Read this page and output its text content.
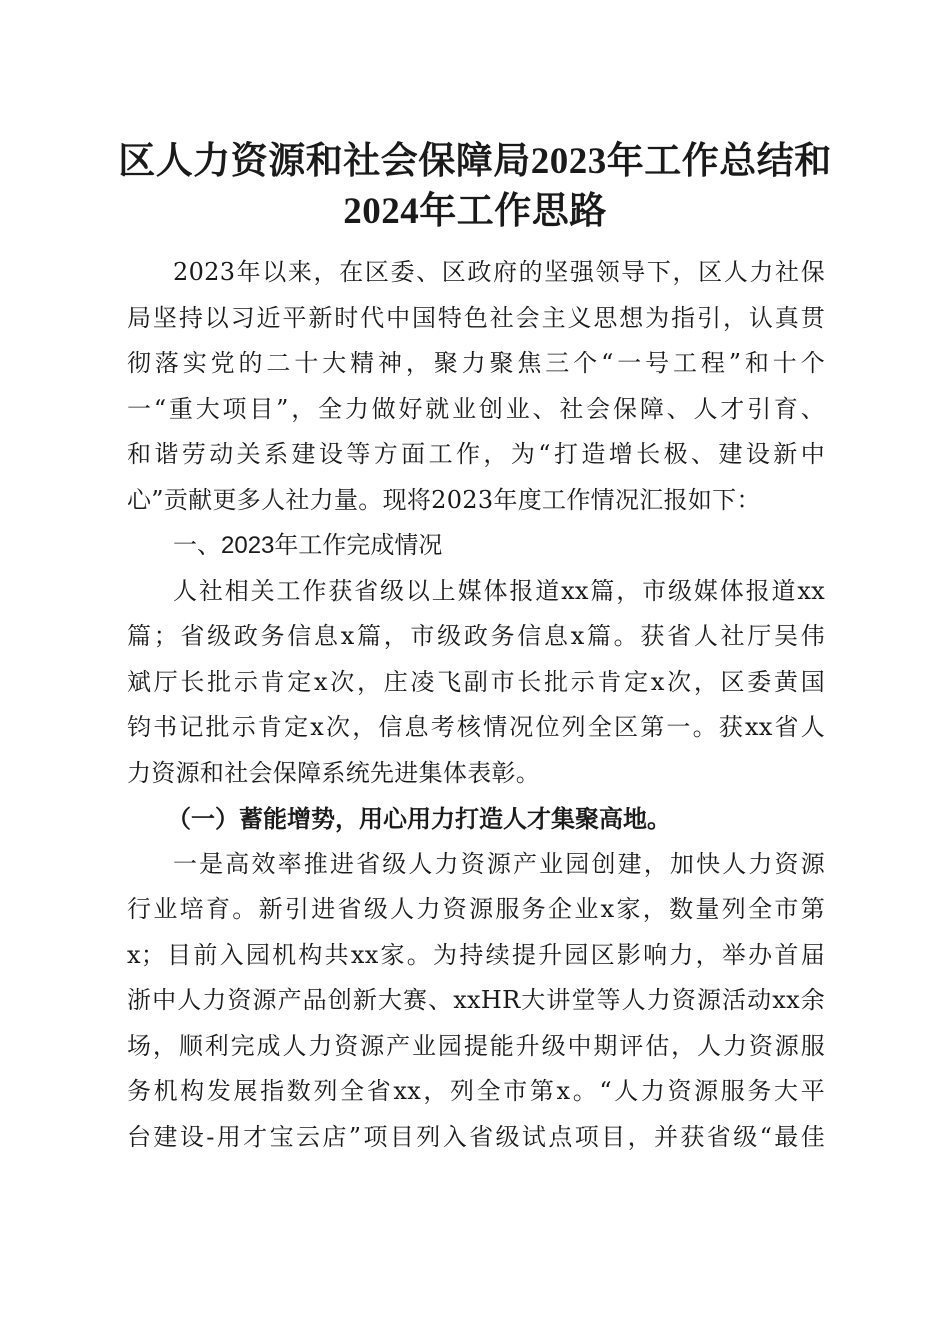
区人力资源和社会保障局2023年工作总结和
2024年工作思路
2023年以来，在区委、区政府的坚强领导下，区人力社保
局坚持以习近平新时代中国特色社会主义思想为指引，认真贯
彻落实党的二十大精神，聚力聚焦三个“一号工程”和十个
一“重大项目”，全力做好就业创业、社会保障、人才引育、
和谐劳动关系建设等方面工作，为“打造增长极、建设新中
心”贡献更多人社力量。现将2023年度工作情况汇报如下：
一、2023年工作完成情况
人社相关工作获省级以上媒体报道xx篇，市级媒体报道xx
篇；省级政务信息x篇，市级政务信息x篇。获省人社厅吴伟
斌厅长批示肯定x次，庄凌飞副市长批示肯定x次，区委黄国
钧书记批示肯定x次，信息考核情况位列全区第一。获xx省人
力资源和社会保障系统先进集体表彰。
（一）蓄能增势，用心用力打造人才集聚高地。
一是高效率推进省级人力资源产业园创建，加快人力资源
行业培育。新引进省级人力资源服务企业x家，数量列全市第
x；目前入园机构共xx家。为持续提升园区影响力，举办首届
浙中人力资源产品创新大赛、xxHR大讲堂等人力资源活动xx余
场，顺利完成人力资源产业园提能升级中期评估，人力资源服
务机构发展指数列全省xx，列全市第x。“人力资源服务大平
台建设-用才宝云店”项目列入省级试点项目，并获省级“最佳
